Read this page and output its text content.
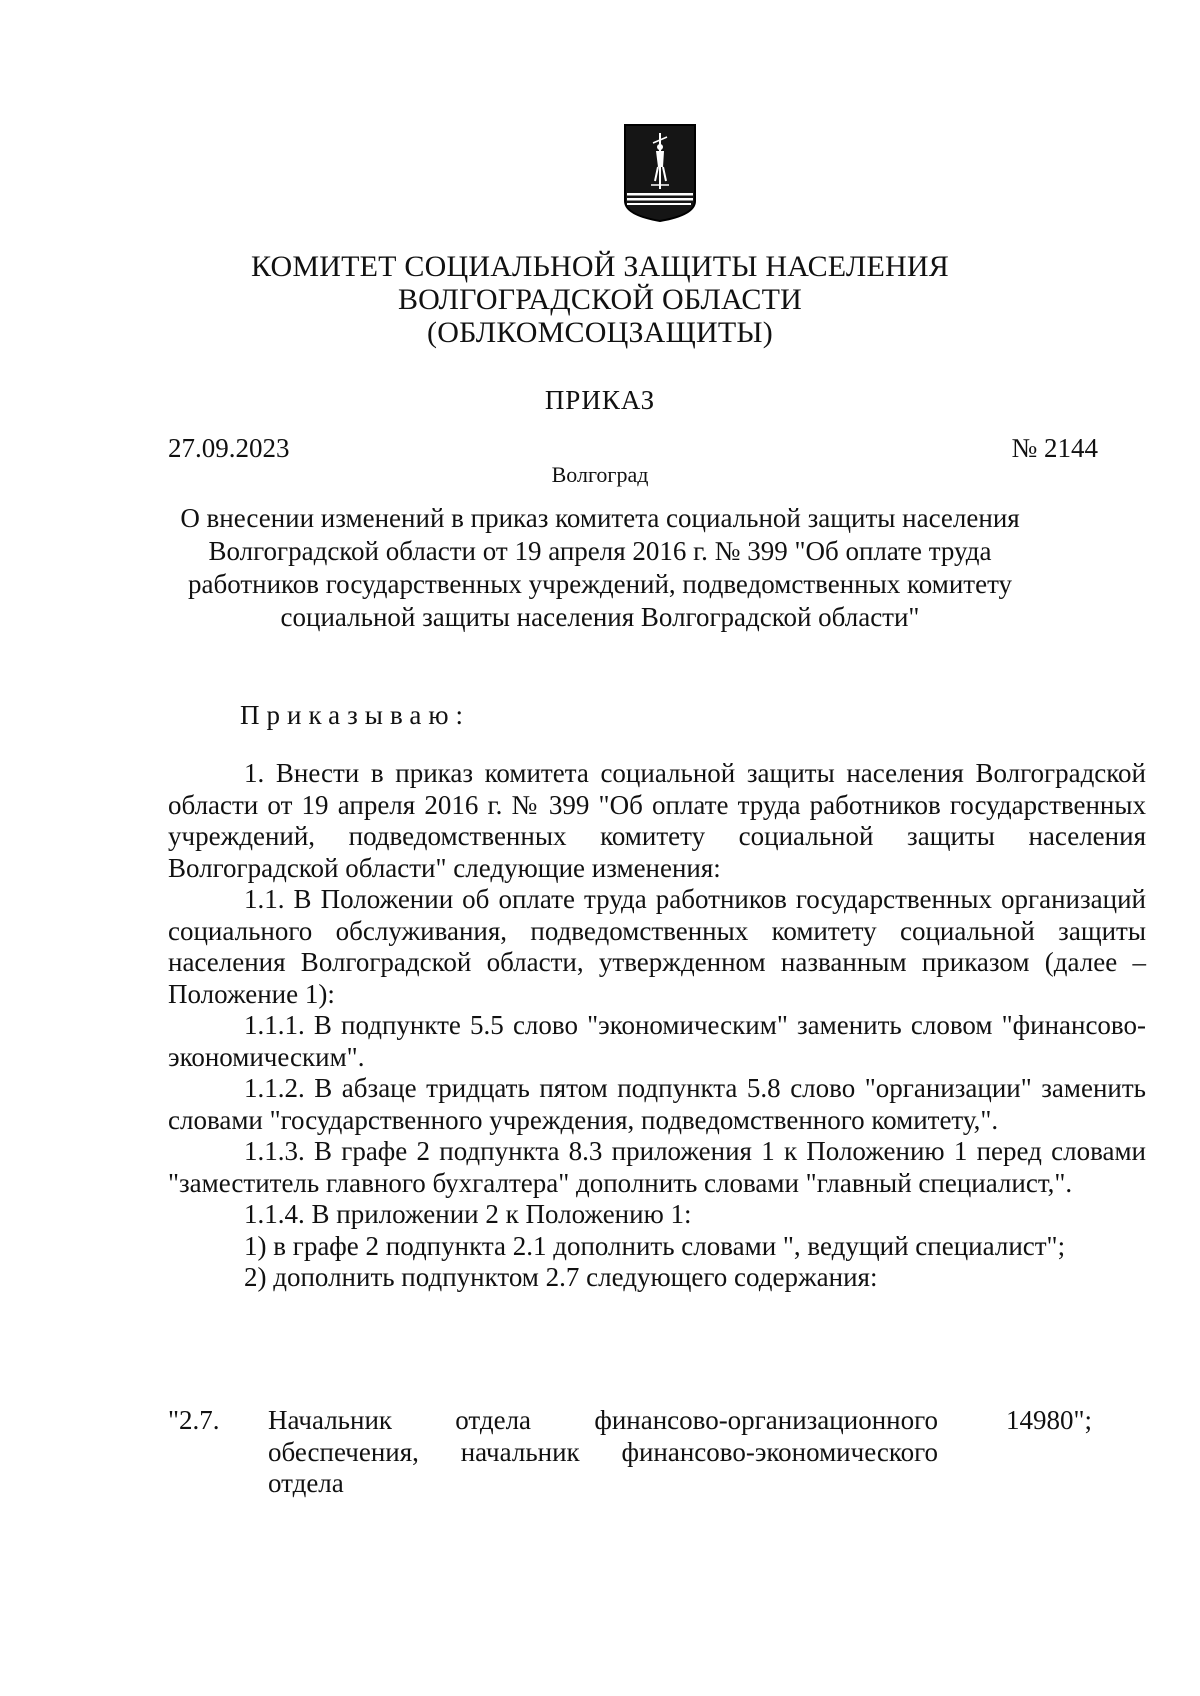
КОМИТЕТ СОЦИАЛЬНОЙ ЗАЩИТЫ НАСЕЛЕНИЯ
ВОЛГОГРАДСКОЙ ОБЛАСТИ
(ОБЛКОМСОЦЗАЩИТЫ)
ПРИКАЗ
27.09.2023	№ 2144
Волгоград
О внесении изменений в приказ комитета социальной защиты населения
Волгоградской области от 19 апреля 2016 г. № 399 "Об оплате труда
работников государственных учреждений, подведомственных комитету
социальной защиты населения Волгоградской области"
Приказываю:

1. Внести в приказ комитета социальной защиты населения Волгоградской области от 19 апреля 2016 г. № 399 "Об оплате труда работников государственных учреждений, подведомственных комитету социальной защиты населения Волгоградской области" следующие изменения:

1.1. В Положении об оплате труда работников государственных организаций социального обслуживания, подведомственных комитету социальной защиты населения Волгоградской области, утвержденном названным приказом (далее – Положение 1):

1.1.1. В подпункте 5.5 слово "экономическим" заменить словом "финансово-экономическим".

1.1.2. В абзаце тридцать пятом подпункта 5.8 слово "организации" заменить словами "государственного учреждения, подведомственного комитету,".

1.1.3. В графе 2 подпункта 8.3 приложения 1 к Положению 1 перед словами "заместитель главного бухгалтера" дополнить словами "главный специалист,".

1.1.4. В приложении 2 к Положению 1:

1) в графе 2 подпункта 2.1 дополнить словами ", ведущий специалист";

2) дополнить подпунктом 2.7 следующего содержания:

"2.7. Начальник отдела финансово-организационного обеспечения, начальник финансово-экономического отдела
14980";
